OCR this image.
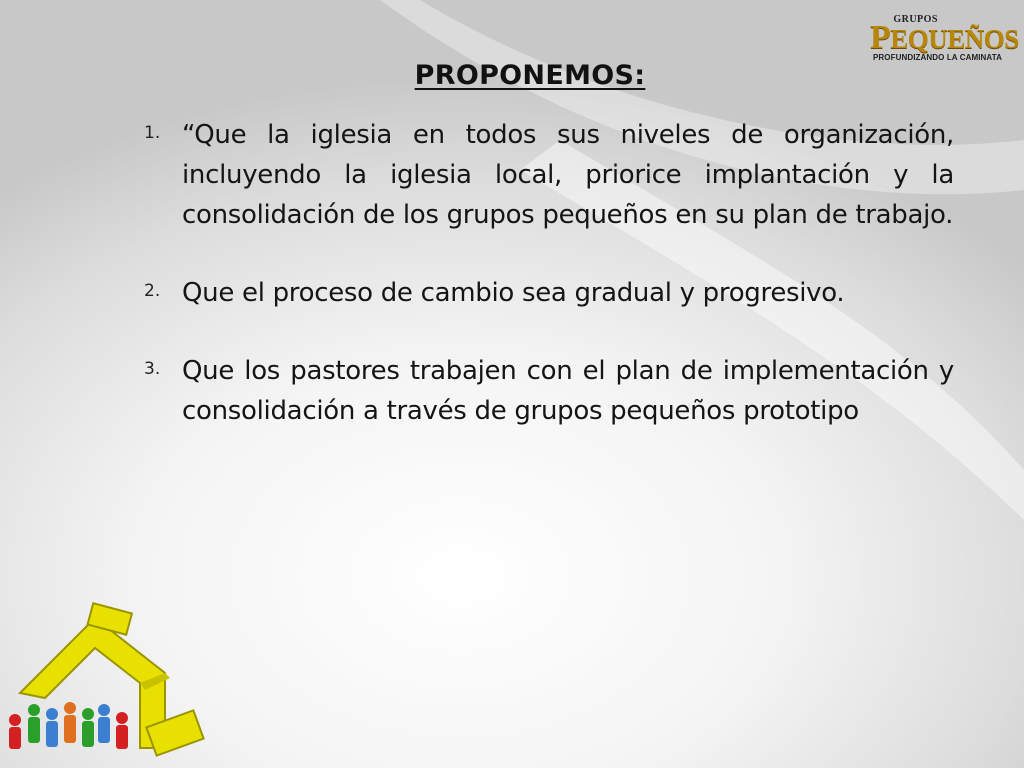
GRUPOS
PEQUEÑOS
PROFUNDIZANDO LA CAMINATA
PROPONEMOS:
1. “Que la iglesia en todos sus niveles de organización, incluyendo la iglesia local, priorice implantación y la consolidación de los grupos pequeños en su plan de trabajo.
2. Que el proceso de cambio sea gradual y progresivo.
3. Que los pastores trabajen con el plan de implementación y consolidación a través de grupos pequeños prototipo
